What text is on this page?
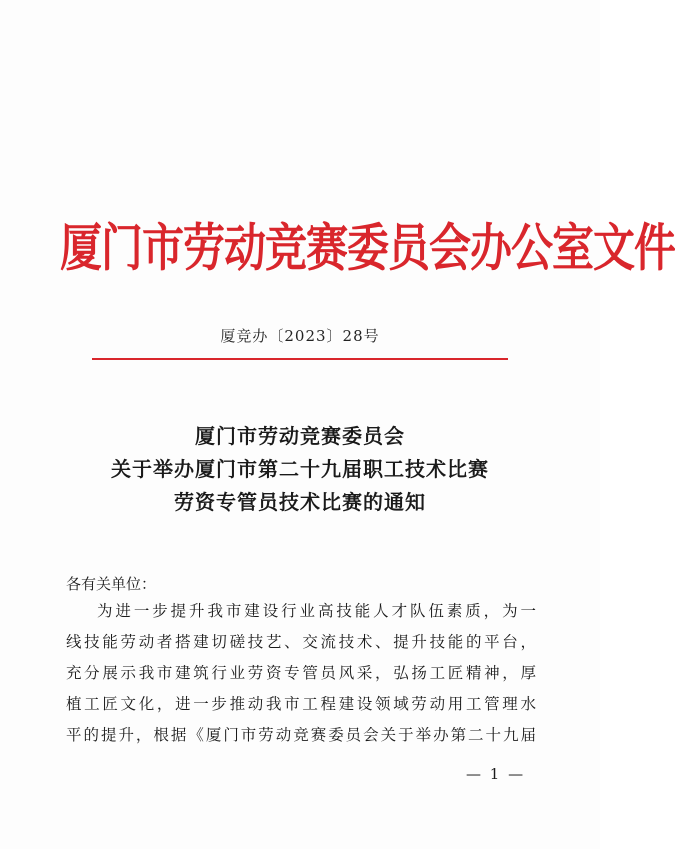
厦门市劳动竞赛委员会办公室文件
厦竞办〔2023〕28号
厦门市劳动竞赛委员会
关于举办厦门市第二十九届职工技术比赛
劳资专管员技术比赛的通知
各有关单位：
为进一步提升我市建设行业高技能人才队伍素质，为一
线技能劳动者搭建切磋技艺、交流技术、提升技能的平台，
充分展示我市建筑行业劳资专管员风采，弘扬工匠精神，厚
植工匠文化，进一步推动我市工程建设领域劳动用工管理水
平的提升，根据《厦门市劳动竞赛委员会关于举办第二十九届
— 1 —
